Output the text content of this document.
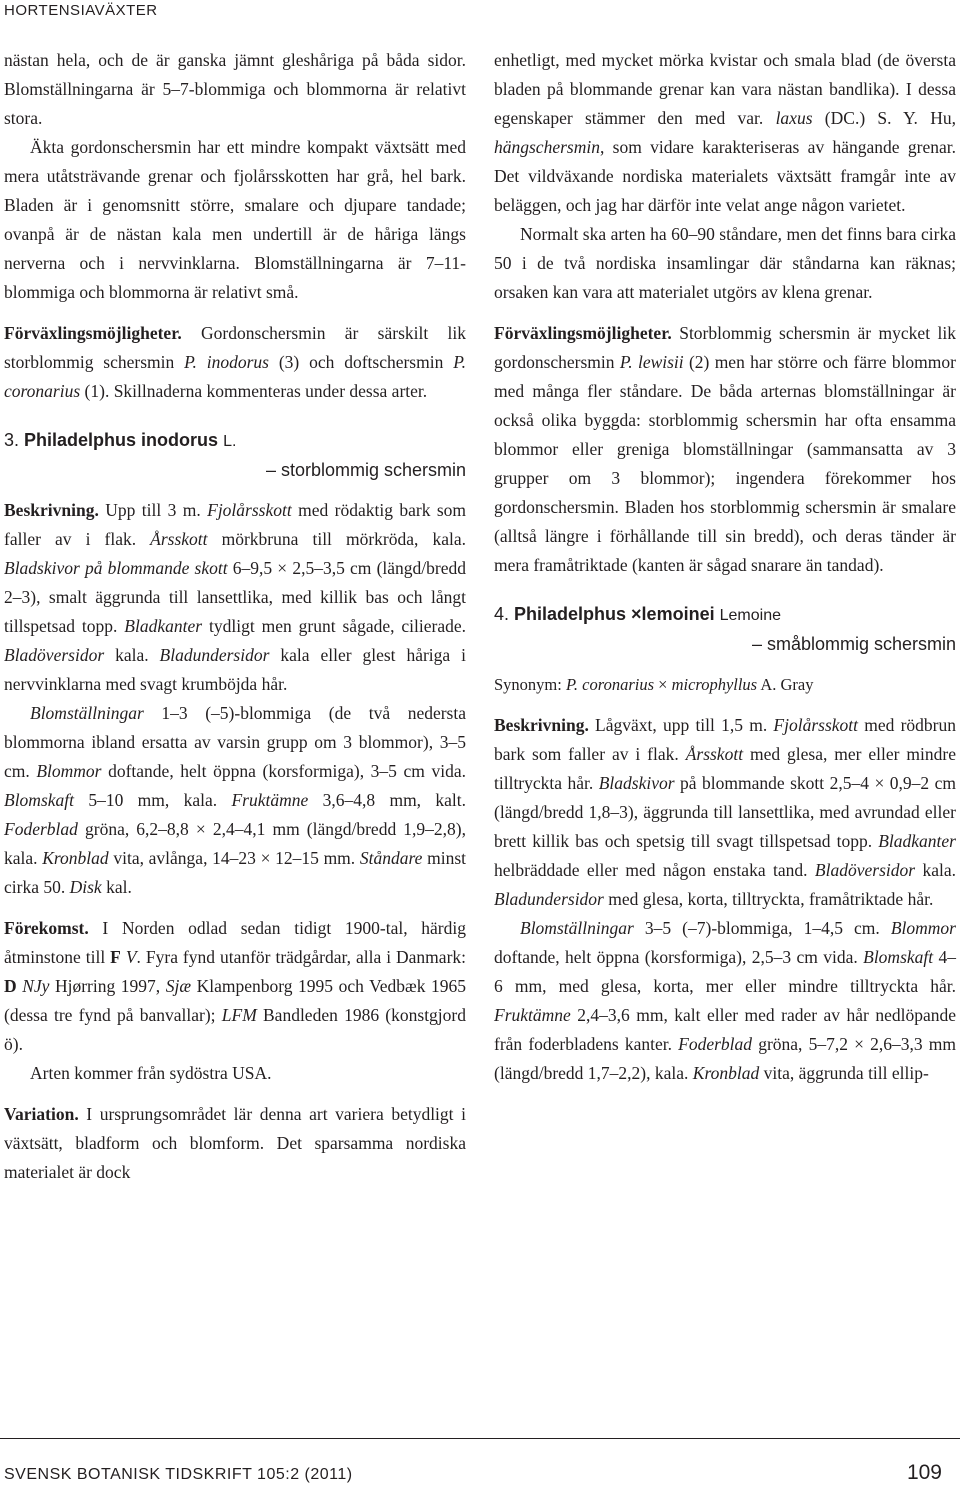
HORTENSIAVÄXTER

nästan hela, och de är ganska jämnt gleshåriga på båda sidor. Blomställningarna är 5–7-blommiga och blommorna är relativt stora.

Äkta gordonschersmin har ett mindre kompakt växtsätt med mera utåtsträvande grenar och fjolårsskotten har grå, hel bark. Bladen är i genomsnitt större, smalare och djupare tandade; ovanpå är de nästan kala men undertill är de håriga längs nerverna och i nervvinklarna. Blomställningarna är 7–11-blommiga och blommorna är relativt små.

Förväxlingsmöjligheter. Gordonschersmin är särskilt lik storblommig schersmin P. inodorus (3) och doftschersmin P. coronarius (1). Skillnaderna kommenteras under dessa arter.

3. Philadelphus inodorus L.

– storblommig schersmin

Beskrivning. Upp till 3 m. Fjolårsskott med rödaktig bark som faller av i flak. Årsskott mörkbruna till mörkröda, kala. Bladskivor på blommande skott 6–9,5 × 2,5–3,5 cm (längd/bredd 2–3), smalt äggrunda till lansettlika, med killik bas och långt tillspetsad topp. Bladkanter tydligt men grunt sågade, cilierade. Bladöversidor kala. Bladundersidor kala eller glest håriga i nervvinklarna med svagt krumböjda hår.

Blomställningar 1–3 (–5)-blommiga (de två nedersta blommorna ibland ersatta av varsin grupp om 3 blommor), 3–5 cm. Blommor doftande, helt öppna (korsformiga), 3–5 cm vida. Blomskaft 5–10 mm, kala. Fruktämne 3,6–4,8 mm, kalt. Foderblad gröna, 6,2–8,8 × 2,4–4,1 mm (längd/bredd 1,9–2,8), kala. Kronblad vita, avlånga, 14–23 × 12–15 mm. Ståndare minst cirka 50. Disk kal.

Förekomst. I Norden odlad sedan tidigt 1900-tal, härdig åtminstone till F V. Fyra fynd utanför trädgårdar, alla i Danmark: D NJy Hjørring 1997, Sjæ Klampenborg 1995 och Vedbæk 1965 (dessa tre fynd på banvallar); LFM Bandleden 1986 (konstgjord ö).

Arten kommer från sydöstra USA.

Variation. I ursprungsområdet lär denna art variera betydligt i växtsätt, bladform och blomform. Det sparsamma nordiska materialet är dock

enhetligt, med mycket mörka kvistar och smala blad (de översta bladen på blommande grenar kan vara nästan bandlika). I dessa egenskaper stämmer den med var. laxus (DC.) S. Y. Hu, hängschersmin, som vidare karakteriseras av hängande grenar. Det vildväxande nordiska materialets växtsätt framgår inte av beläggen, och jag har därför inte velat ange någon varietet.

Normalt ska arten ha 60–90 ståndare, men det finns bara cirka 50 i de två nordiska insamlingar där ståndarna kan räknas; orsaken kan vara att materialet utgörs av klena grenar.

Förväxlingsmöjligheter. Storblommig schersmin är mycket lik gordonschersmin P. lewisii (2) men har större och färre blommor med många fler ståndare. De båda arternas blomställningar är också olika byggda: storblommig schersmin har ofta ensamma blommor eller greniga blomställningar (sammansatta av 3 grupper om 3 blommor); ingendera förekommer hos gordonschersmin. Bladen hos storblommig schersmin är smalare (alltså längre i förhållande till sin bredd), och deras tänder är mera framåtriktade (kanten är sågad snarare än tandad).

4. Philadelphus ×lemoinei Lemoine

– småblommig schersmin

Synonym: P. coronarius × microphyllus A. Gray

Beskrivning. Lågväxt, upp till 1,5 m. Fjolårsskott med rödbrun bark som faller av i flak. Årsskott med glesa, mer eller mindre tilltryckta hår. Bladskivor på blommande skott 2,5–4 × 0,9–2 cm (längd/bredd 1,8–3), äggrunda till lansettlika, med avrundad eller brett killik bas och spetsig till svagt tillspetsad topp. Bladkanter helbräddade eller med någon enstaka tand. Bladöversidor kala. Bladundersidor med glesa, korta, tilltryckta, framåtriktade hår.

Blomställningar 3–5 (–7)-blommiga, 1–4,5 cm. Blommor doftande, helt öppna (korsformiga), 2,5–3 cm vida. Blomskaft 4–6 mm, med glesa, korta, mer eller mindre tilltryckta hår. Fruktämne 2,4–3,6 mm, kalt eller med rader av hår nedlöpande från foderbladens kanter. Foderblad gröna, 5–7,2 × 2,6–3,3 mm (längd/bredd 1,7–2,2), kala. Kronblad vita, äggrunda till ellip-

SVENSK BOTANISK TIDSKRIFT 105:2 (2011)	109
